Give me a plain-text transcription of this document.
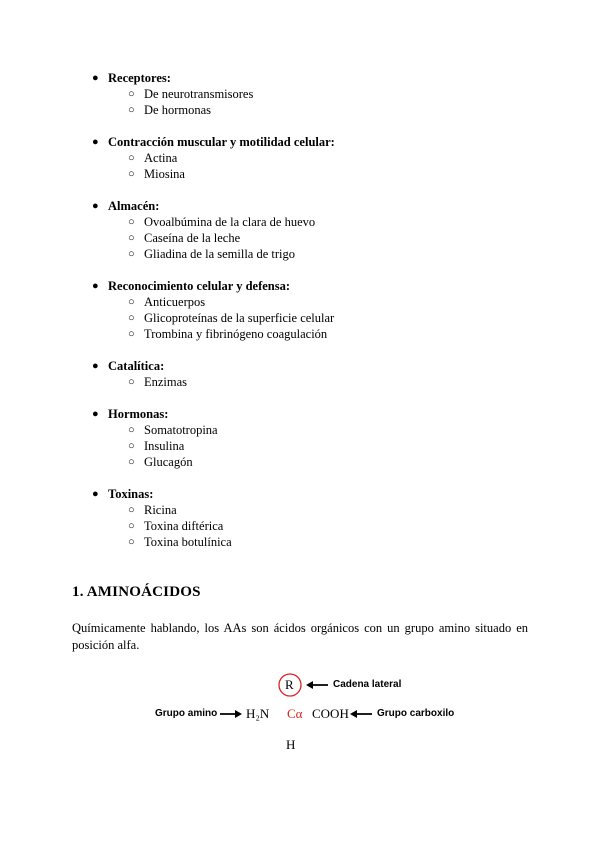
● Receptores:
○ De neurotransmisores
○ De hormonas
● Contracción muscular y motilidad celular:
○ Actina
○ Miosina
● Almacén:
○ Ovoalbúmina de la clara de huevo
○ Caseína de la leche
○ Gliadina de la semilla de trigo
● Reconocimiento celular y defensa:
○ Anticuerpos
○ Glicoproteínas de la superficie celular
○ Trombina y fibrinógeno coagulación
● Catalítica:
○ Enzimas
● Hormonas:
○ Somatotropina
○ Insulina
○ Glucagón
● Toxinas:
○ Ricina
○ Toxina diftérica
○ Toxina botulínica
1. AMINOÁCIDOS
Químicamente hablando, los AAs son ácidos orgánicos con un grupo amino situado en posición alfa.
R	Cadena lateral
Grupo amino H₂N Cα COOH	Grupo carboxilo
H
